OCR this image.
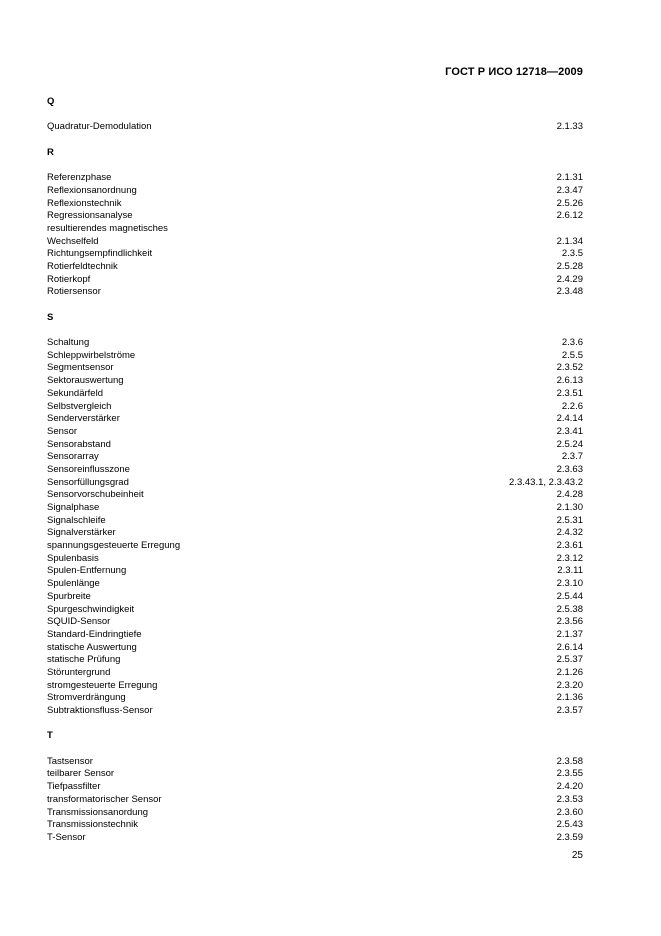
ГОСТ Р ИСО 12718—2009
Q
Quadratur-Demodulation	2.1.33
R
Referenzphase	2.1.31
Reflexionsanordnung	2.3.47
Reflexionstechnik	2.5.26
Regressionsanalyse	2.6.12
resultierendes magnetisches
Wechselfeld	2.1.34
Richtungsempfindlichkeit	2.3.5
Rotierfeldtechnik	2.5.28
Rotierkopf	2.4.29
Rotiersensor	2.3.48
S
Schaltung	2.3.6
Schleppwirbelströme	2.5.5
Segmentsensor	2.3.52
Sektorauswertung	2.6.13
Sekundärfeld	2.3.51
Selbstvergleich	2.2.6
Senderverstärker	2.4.14
Sensor	2.3.41
Sensorabstand	2.5.24
Sensorarray	2.3.7
Sensoreinflusszone	2.3.63
Sensorfüllungsgrad	2.3.43.1, 2.3.43.2
Sensorvorschubeinheit	2.4.28
Signalphase	2.1.30
Signalschleife	2.5.31
Signalverstärker	2.4.32
spannungsgesteuerte Erregung	2.3.61
Spulenbasis	2.3.12
Spulen-Entfernung	2.3.11
Spulenlänge	2.3.10
Spurbreite	2.5.44
Spurgeschwindigkeit	2.5.38
SQUID-Sensor	2.3.56
Standard-Eindringtiefe	2.1.37
statische Auswertung	2.6.14
statische Prüfung	2.5.37
Störuntergrund	2.1.26
stromgesteuerte Erregung	2.3.20
Stromverdrängung	2.1.36
Subtraktionsfluss-Sensor	2.3.57
T
Tastsensor	2.3.58
teilbarer Sensor	2.3.55
Tiefpassfilter	2.4.20
transformatorischer Sensor	2.3.53
Transmissionsanordung	2.3.60
Transmissionstechnik	2.5.43
T-Sensor	2.3.59
25
